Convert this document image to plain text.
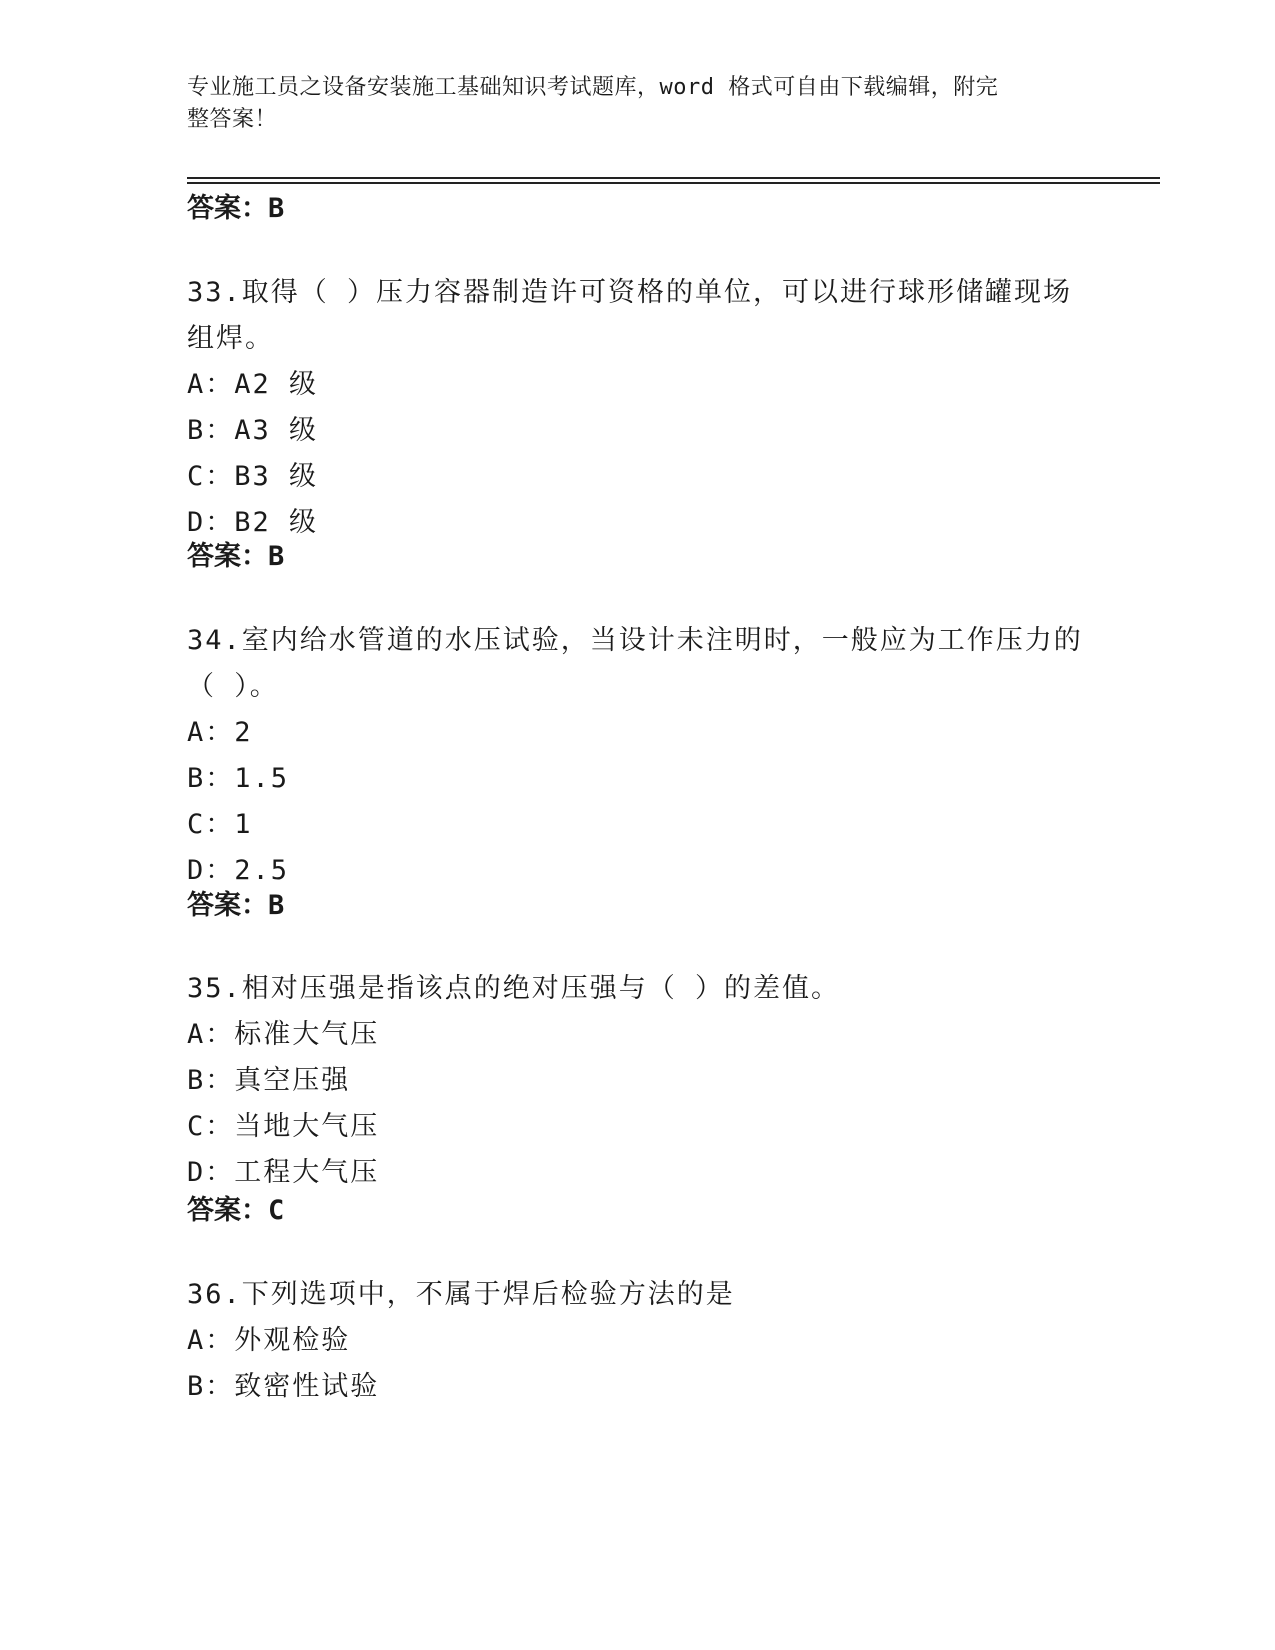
专业施工员之设备安装施工基础知识考试题库，word 格式可自由下载编辑，附完
整答案！
答案：B
33.取得（ ）压力容器制造许可资格的单位，可以进行球形储罐现场
组焊。
A：A2 级
B：A3 级
C：B3 级
D：B2 级
答案：B
34.室内给水管道的水压试验，当设计未注明时，一般应为工作压力的
（ ）。
A：2
B：1.5
C：1
D：2.5
答案：B
35.相对压强是指该点的绝对压强与（ ）的差值。
A：标准大气压
B：真空压强
C：当地大气压
D：工程大气压
答案：C
36.下列选项中，不属于焊后检验方法的是
A：外观检验
B：致密性试验
